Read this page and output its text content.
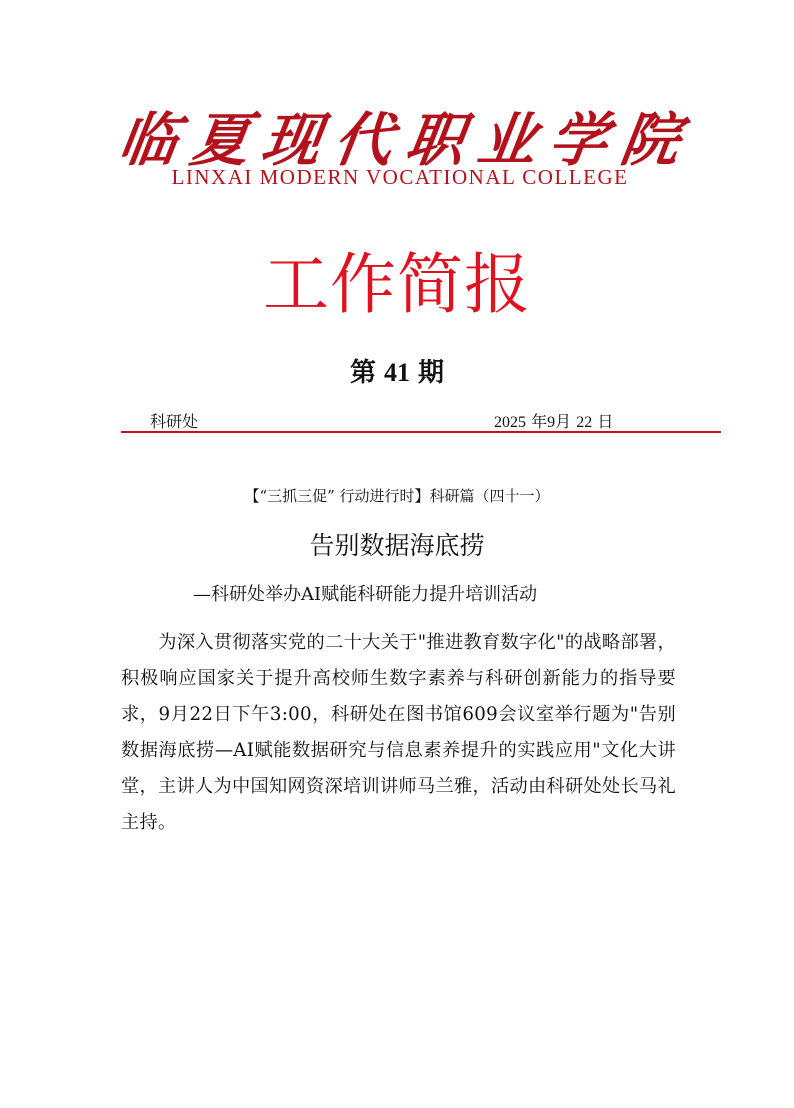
临 夏 现 代 职 业 学 院
LINXAI MODERN VOCATIONAL COLLEGE
工作简报
第 41 期
科研处	2025 年9月 22 日
【“三抓三促” 行动进行时】科研篇（四十一）
告别数据海底捞
—科研处举办AI赋能科研能力提升培训活动
为深入贯彻落实党的二十大关于"推进教育数字化"的战略部署，积极响应国家关于提升高校师生数字素养与科研创新能力的指导要求，9月22日下午3:00，科研处在图书馆609会议室举行题为"告别数据海底捞—AI赋能数据研究与信息素养提升的实践应用"文化大讲堂，主讲人为中国知网资深培训讲师马兰雅，活动由科研处处长马礼主持。
